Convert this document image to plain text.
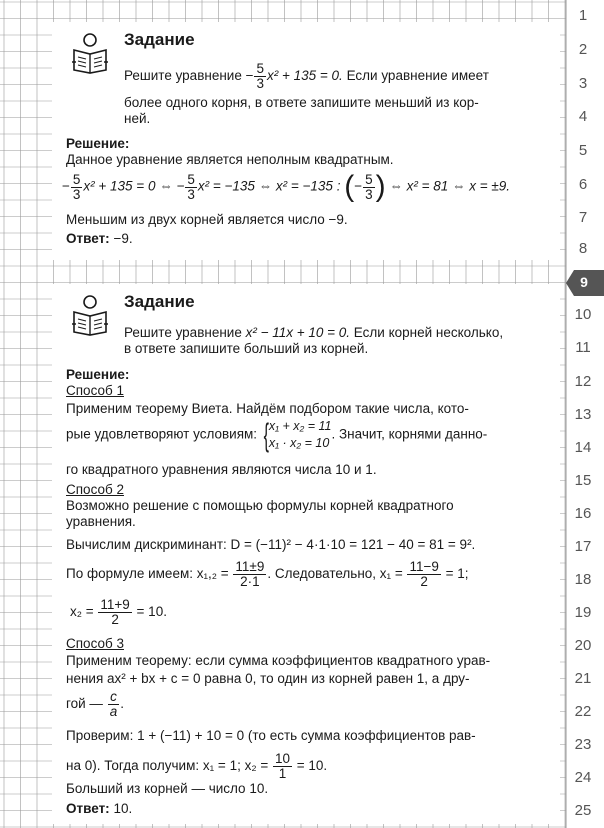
1
2
3
4
5
6
7
8
10
11
12
13
14
15
16
17
18
19
20
21
22
23
24
25
9
Задание
Решите уравнение − $\frac{5}{3} x^2 + 135 = 0$. Если уравнение имеет
более одного корня, в ответе запишите меньший из кор-
ней.
Решение:
Данное уравнение является неполным квадратным.
− $\frac{5}{3} x^2 + 135 = 0$ ⇔ − $\frac{5}{3} x^2 = -135$ ⇔ x² = −135 : (− $\frac{5}{3}$ ) ⇔ x² = 81 ⇔ x = ±9.
Меньшим из двух корней является число −9.
Ответ: −9.
Задание
Решите уравнение x² − 11x + 10 = 0. Если корней несколько,
в ответе запишите больший из корней.
Решение:
Способ 1
Применим теорему Виета. Найдём подбором такие числа, кото-
рые удовлетворяют условиям: { x₁ + x₂ = 11
x₁ · x₂ = 10
. Значит, корнями данно-
го квадратного уравнения являются числа 10 и 1.
Способ 2
Возможно решение с помощью формулы корней квадратного
уравнения.
Вычислим дискриминант: D = (−11)² − 4·1·10 = 121 − 40 = 81 = 9².
По формуле имеем: $x_1,_2 = \frac{11\pm 9}{2\cdot 1}$ . Следовательно, $x_1 = \frac{11-9}{2} = 1$;
$x_2 = \frac{11+9}{2} = 10$.
Способ 3
Применим теорему: если сумма коэффициентов квадратного урав-
нения ax² + bx + c = 0 равна 0, то один из корней равен 1, а дру-
гой — $\frac{c}{a}$ .
Проверим: 1 + (−11) + 10 = 0 (то есть сумма коэффициентов рав-
на 0). Тогда получим: x₁ = 1; $x_2 = \frac{10}{1} = 10$.
Больший из корней — число 10.
Ответ: 10.
